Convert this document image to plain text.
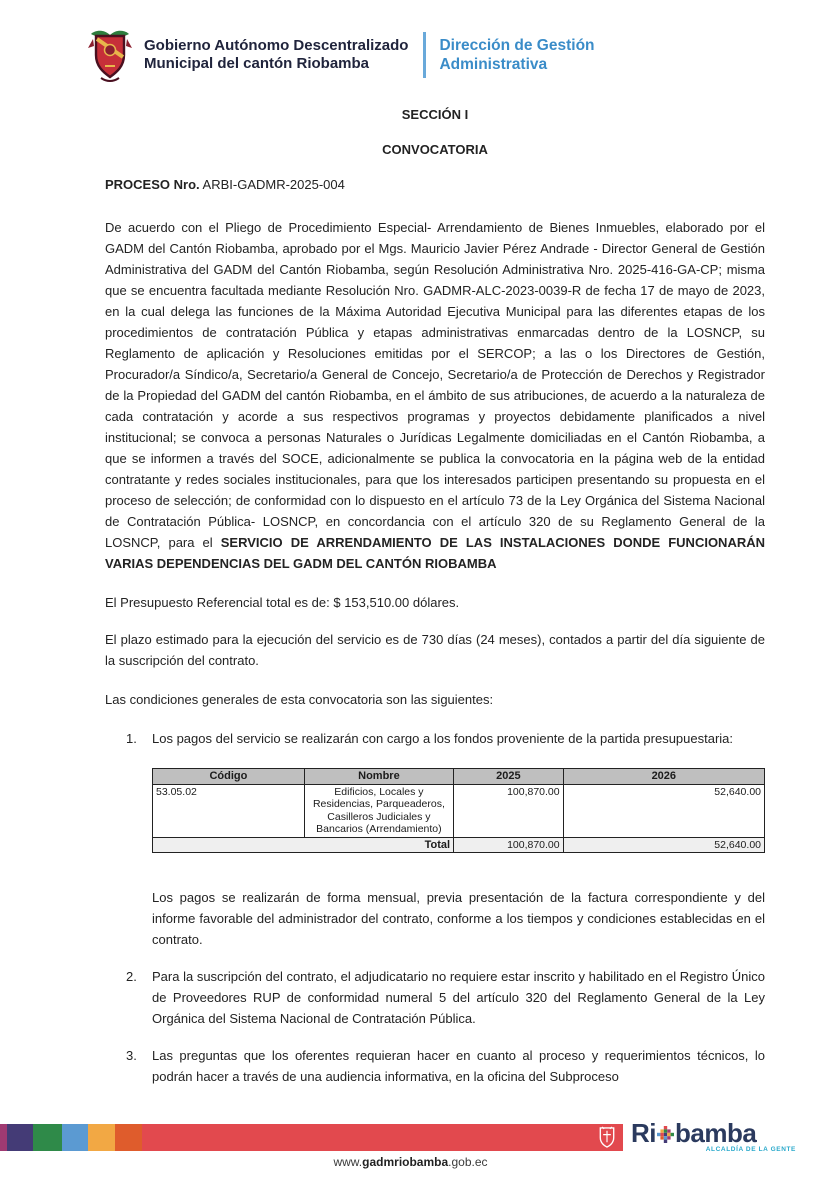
Gobierno Autónomo Descentralizado
Municipal del cantón Riobamba
Dirección de Gestión
Administrativa
SECCIÓN I
CONVOCATORIA
PROCESO Nro. ARBI-GADMR-2025-004

De acuerdo con el Pliego de Procedimiento Especial- Arrendamiento de Bienes Inmuebles, elaborado por el GADM del Cantón Riobamba, aprobado por el Mgs. Mauricio Javier Pérez Andrade - Director General de Gestión Administrativa del GADM del Cantón Riobamba, según Resolución Administrativa Nro. 2025-416-GA-CP; misma que se encuentra facultada mediante Resolución Nro. GADMR-ALC-2023-0039-R de fecha 17 de mayo de 2023, en la cual delega las funciones de la Máxima Autoridad Ejecutiva Municipal para las diferentes etapas de los procedimientos de contratación Pública y etapas administrativas enmarcadas dentro de la LOSNCP, su Reglamento de aplicación y Resoluciones emitidas por el SERCOP; a las o los Directores de Gestión, Procurador/a Síndico/a, Secretario/a General de Concejo, Secretario/a de Protección de Derechos y Registrador de la Propiedad del GADM del cantón Riobamba, en el ámbito de sus atribuciones, de acuerdo a la naturaleza de cada contratación y acorde a sus respectivos programas y proyectos debidamente planificados a nivel institucional; se convoca a personas Naturales o Jurídicas Legalmente domiciliadas en el Cantón Riobamba, a que se informen a través del SOCE, adicionalmente se publica la convocatoria en la página web de la entidad contratante y redes sociales institucionales, para que los interesados participen presentando su propuesta en el proceso de selección; de conformidad con lo dispuesto en el artículo 73 de la Ley Orgánica del Sistema Nacional de Contratación Pública- LOSNCP, en concordancia con el artículo 320 de su Reglamento General de la LOSNCP, para el SERVICIO DE ARRENDAMIENTO DE LAS INSTALACIONES DONDE FUNCIONARÁN VARIAS DEPENDENCIAS DEL GADM DEL CANTÓN RIOBAMBA

El Presupuesto Referencial total es de: $ 153,510.00 dólares.

El plazo estimado para la ejecución del servicio es de 730 días (24 meses), contados a partir del día siguiente de la suscripción del contrato.

Las condiciones generales de esta convocatoria son las siguientes:

1.	Los pagos del servicio se realizarán con cargo a los fondos proveniente de la partida presupuestaria:
Código	Nombre	2025	2026
53.05.02	Edificios, Locales y Residencias, Parqueaderos, Casilleros Judiciales y Bancarios (Arrendamiento)	100,870.00	52,640.00
Total		100,870.00	52,640.00

Los pagos se realizarán de forma mensual, previa presentación de la factura correspondiente y del informe favorable del administrador del contrato, conforme a los tiempos y condiciones establecidas en el contrato.

2.	Para la suscripción del contrato, el adjudicatario no requiere estar inscrito y habilitado en el Registro Único de Proveedores RUP de conformidad numeral 5 del artículo 320 del Reglamento General de la Ley Orgánica del Sistema Nacional de Contratación Pública.
3.	Las preguntas que los oferentes requieran hacer en cuanto al proceso y requerimientos técnicos, lo podrán hacer a través de una audiencia informativa, en la oficina del Subproceso
Ri bamba
ALCALDÍA DE LA GENTE
www.gadmriobamba.gob.ec
